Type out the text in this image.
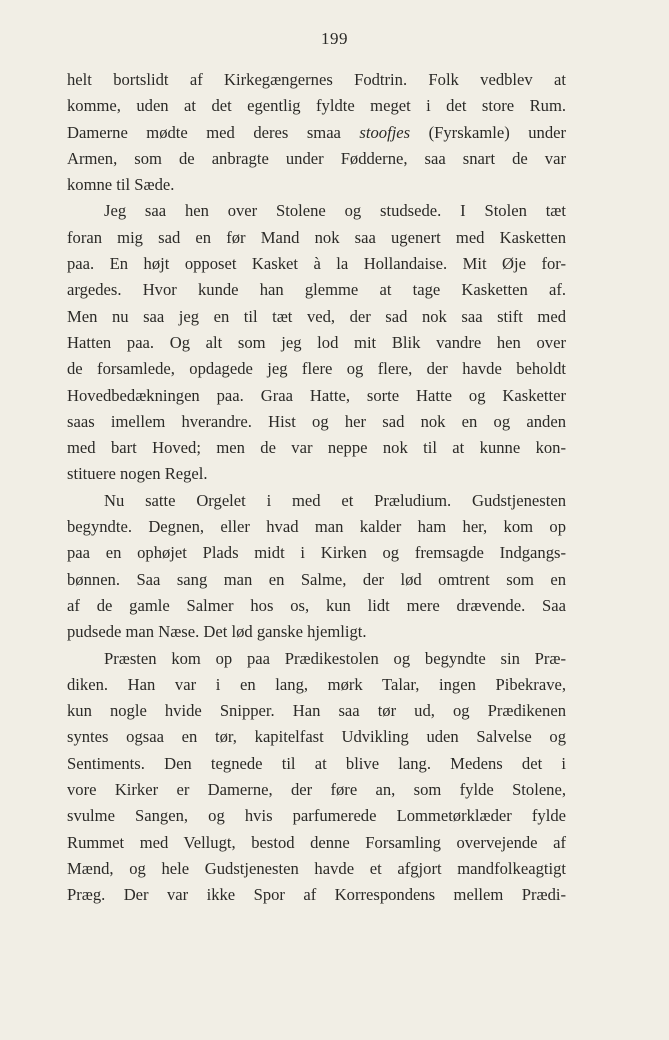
199
helt bortslidt af Kirkegængernes Fodtrin. Folk vedblev at
komme, uden at det egentlig fyldte meget i det store Rum.
Damerne mødte med deres smaa stoofjes (Fyrskamle) under
Armen, som de anbragte under Fødderne, saa snart de var
komne til Sæde.
Jeg saa hen over Stolene og studsede. I Stolen tæt
foran mig sad en før Mand nok saa ugenert med Kasketten
paa. En højt opposet Kasket à la Hollandaise. Mit Øje for-
argedes. Hvor kunde han glemme at tage Kasketten af.
Men nu saa jeg en til tæt ved, der sad nok saa stift med
Hatten paa. Og alt som jeg lod mit Blik vandre hen over
de forsamlede, opdagede jeg flere og flere, der havde beholdt
Hovedbedækningen paa. Graa Hatte, sorte Hatte og Kasketter
saas imellem hverandre. Hist og her sad nok en og anden
med bart Hoved; men de var neppe nok til at kunne kon-
stituere nogen Regel.
Nu satte Orgelet i med et Præludium. Gudstjenesten
begyndte. Degnen, eller hvad man kalder ham her, kom op
paa en ophøjet Plads midt i Kirken og fremsagde Indgangs-
bønnen. Saa sang man en Salme, der lød omtrent som en
af de gamle Salmer hos os, kun lidt mere drævende. Saa
pudsede man Næse. Det lød ganske hjemligt.
Præsten kom op paa Prædikestolen og begyndte sin Præ-
diken. Han var i en lang, mørk Talar, ingen Pibekrave,
kun nogle hvide Snipper. Han saa tør ud, og Prædikenen
syntes ogsaa en tør, kapitelfast Udvikling uden Salvelse og
Sentiments. Den tegnede til at blive lang. Medens det i
vore Kirker er Damerne, der føre an, som fylde Stolene,
svulme Sangen, og hvis parfumerede Lommetørklæder fylde
Rummet med Vellugt, bestod denne Forsamling overvejende af
Mænd, og hele Gudstjenesten havde et afgjort mandfolkeagtigt
Præg. Der var ikke Spor af Korrespondens mellem Prædi-
